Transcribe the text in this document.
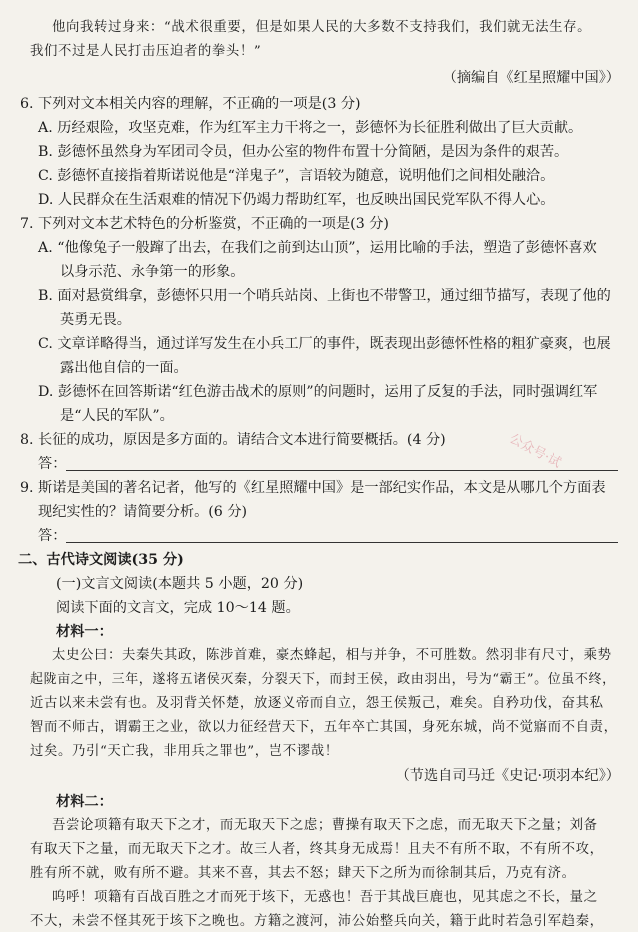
他向我转过身来：“战术很重要，但是如果人民的大多数不支持我们，我们就无法生存。
我们不过是人民打击压迫者的拳头！”
（摘编自《红星照耀中国》）
6. 下列对文本相关内容的理解，不正确的一项是(3 分)
A. 历经艰险，攻坚克难，作为红军主力干将之一，彭德怀为长征胜利做出了巨大贡献。
B. 彭德怀虽然身为军团司令员，但办公室的物件布置十分简陋，是因为条件的艰苦。
C. 彭德怀直接指着斯诺说他是“洋鬼子”，言语较为随意，说明他们之间相处融洽。
D. 人民群众在生活艰难的情况下仍竭力帮助红军，也反映出国民党军队不得人心。
7. 下列对文本艺术特色的分析鉴赏，不正确的一项是(3 分)
A. “他像兔子一般蹿了出去，在我们之前到达山顶”，运用比喻的手法，塑造了彭德怀喜欢
以身示范、永争第一的形象。
B. 面对悬赏缉拿，彭德怀只用一个哨兵站岗、上街也不带警卫，通过细节描写，表现了他的
英勇无畏。
C. 文章详略得当，通过详写发生在小兵工厂的事件，既表现出彭德怀性格的粗犷豪爽，也展
露出他自信的一面。
D. 彭德怀在回答斯诺“红色游击战术的原则”的问题时，运用了反复的手法，同时强调红军
是“人民的军队”。
8. 长征的成功，原因是多方面的。请结合文本进行简要概括。(4 分)
答：
9. 斯诺是美国的著名记者，他写的《红星照耀中国》是一部纪实作品，本文是从哪几个方面表
现纪实性的？请简要分析。(6 分)
答：
二、古代诗文阅读(35 分)
(一)文言文阅读(本题共 5 小题，20 分)
阅读下面的文言文，完成 10～14 题。
材料一：
太史公曰：夫秦失其政，陈涉首难，豪杰蜂起，相与并争，不可胜数。然羽非有尺寸，乘势
起陇亩之中，三年，遂将五诸侯灭秦，分裂天下，而封王侯，政由羽出，号为“霸王”。位虽不终，
近古以来未尝有也。及羽背关怀楚，放逐义帝而自立，怨王侯叛己，难矣。自矜功伐，奋其私
智而不师古，谓霸王之业，欲以力征经营天下，五年卒亡其国，身死东城，尚不觉寤而不自责，
过矣。乃引“天亡我，非用兵之罪也”，岂不谬哉！
（节选自司马迁《史记·项羽本纪》）
材料二：
吾尝论项籍有取天下之才，而无取天下之虑；曹操有取天下之虑，而无取天下之量；刘备
有取天下之量，而无取天下之才。故三人者，终其身无成焉！且夫不有所不取，不有所不攻，
胜有所不就，败有所不避。其来不喜，其去不怒；肆天下之所为而徐制其后，乃克有济。
呜呼！项籍有百战百胜之才而死于垓下，无惑也！吾于其战巨鹿也，见其虑之不长，量之
不大，未尝不怪其死于垓下之晚也。方籍之渡河，沛公始整兵向关，籍于此时若急引军趋秦，
公众号·试
